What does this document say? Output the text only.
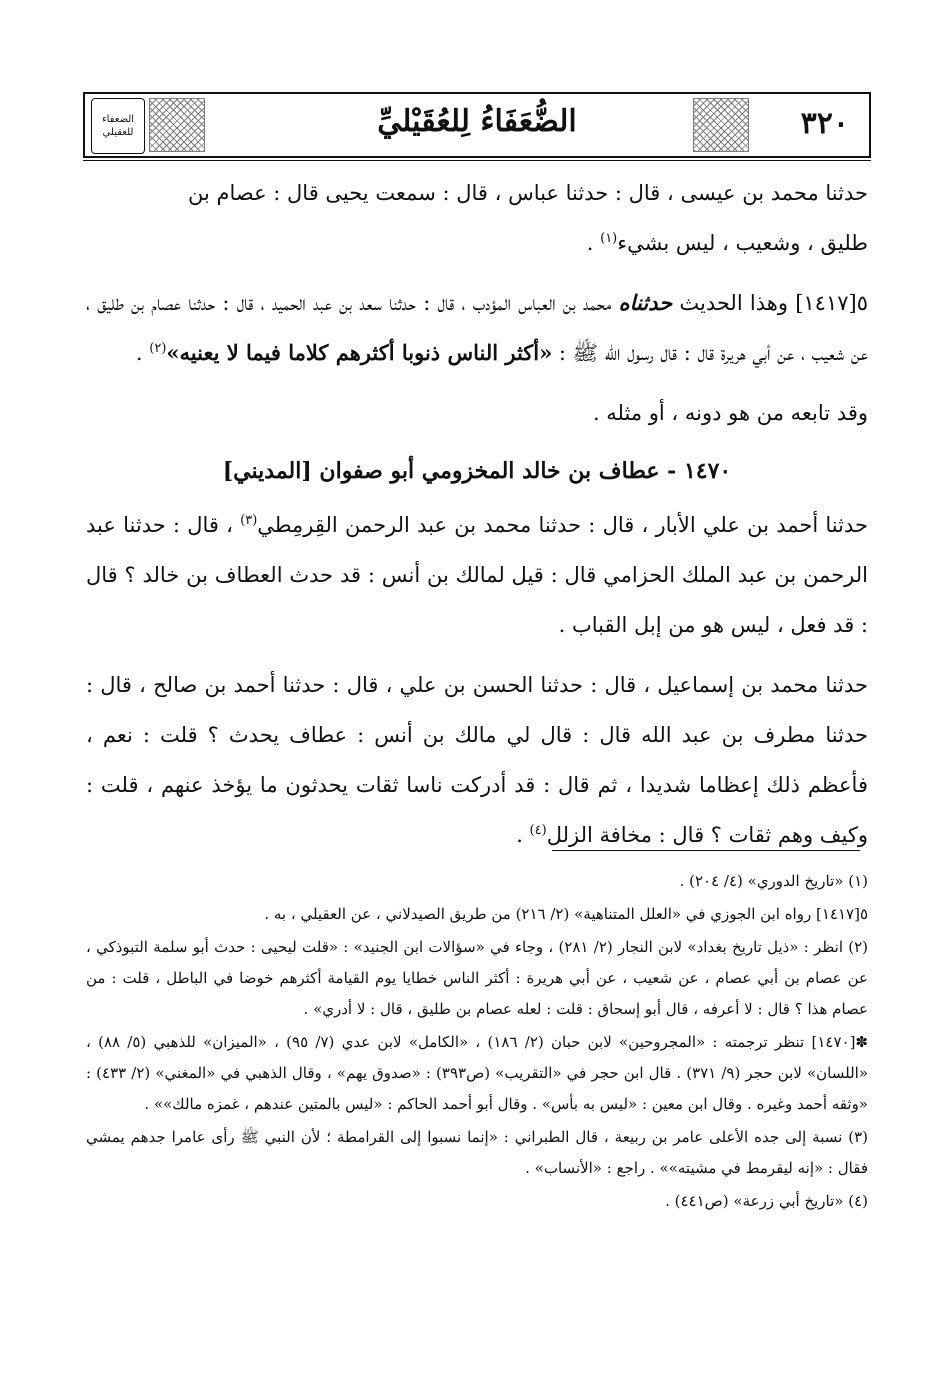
٣٢٠
الضُّعَفَاءُ لِلعُقَيْليِّ
الضعفاء
للعقيلي

حدثنا محمد بن عيسى ، قال : حدثنا عباس ، قال : سمعت يحيى قال : عصام بن
طليق ، وشعيب ، ليس بشيء$^{(١)}$ .

٥[١٤١٧] وهذا الحديث حدثناه محمد بن العباس المؤدب ، قال : حدثنا سعد بن عبد الحميد ، قال : حدثنا عصام بن طليق ، عن شعيب ، عن أبي هريرة قال : قال رسول الله ﷺ : «أكثر الناس ذنوبا أكثرهم كلاما فيما لا يعنيه»$^{(٢)}$ .

وقد تابعه من هو دونه ، أو مثله .

١٤٧٠ - عطاف بن خالد المخزومي أبو صفوان [المديني]

حدثنا أحمد بن علي الأبار ، قال : حدثنا محمد بن عبد الرحمن القِرمِطي$^{(٣)}$ ، قال : حدثنا عبد الرحمن بن عبد الملك الحزامي قال : قيل لمالك بن أنس : قد حدث العطاف بن خالد ؟ قال : قد فعل ، ليس هو من إبل القباب .

حدثنا محمد بن إسماعيل ، قال : حدثنا الحسن بن علي ، قال : حدثنا أحمد بن صالح ، قال : حدثنا مطرف بن عبد الله قال : قال لي مالك بن أنس : عطاف يحدث ؟ قلت : نعم ، فأعظم ذلك إعظاما شديدا ، ثم قال : قد أدركت ناسا ثقات يحدثون ما يؤخذ عنهم ، قلت : وكيف وهم ثقات ؟ قال : مخافة الزلل$^{(٤)}$ .

(١) «تاريخ الدوري» (٤/ ٢٠٤) .

٥[١٤١٧] رواه ابن الجوزي في «العلل المتناهية» (٢/ ٢١٦) من طريق الصيدلاني ، عن العقيلي ، به .

(٢) انظر : «ذيل تاريخ بغداد» لابن النجار (٢/ ٢٨١) ، وجاء في «سؤالات ابن الجنيد» : «قلت ليحيى : حدث أبو سلمة التبوذكي ، عن عصام بن أبي عصام ، عن شعيب ، عن أبي هريرة : أكثر الناس خطايا يوم القيامة أكثرهم خوضا في الباطل ، قلت : من عصام هذا ؟ قال : لا أعرفه ، قال أبو إسحاق : قلت : لعله عصام بن طليق ، قال : لا أدري» .

✽[١٤٧٠] تنظر ترجمته : «المجروحين» لابن حبان (٢/ ١٨٦) ، «الكامل» لابن عدي (٧/ ٩٥) ، «الميزان» للذهبي (٥/ ٨٨) ، «اللسان» لابن حجر (٩/ ٣٧١) . قال ابن حجر في «التقريب» (ص٣٩٣) : «صدوق يهم» ، وقال الذهبي في «المغني» (٢/ ٤٣٣) : «وثقه أحمد وغيره . وقال ابن معين : «ليس به بأس» . وقال أبو أحمد الحاكم : «ليس بالمتين عندهم ، غمزه مالك»» .

(٣) نسبة إلى جده الأعلى عامر بن ربيعة ، قال الطبراني : «إنما نسبوا إلى القرامطة ؛ لأن النبي ﷺ رأى عامرا جدهم يمشي فقال : «إنه ليقرمط في مشيته»» . راجع : «الأنساب» .

(٤) «تاريخ أبي زرعة» (ص٤٤١) .
